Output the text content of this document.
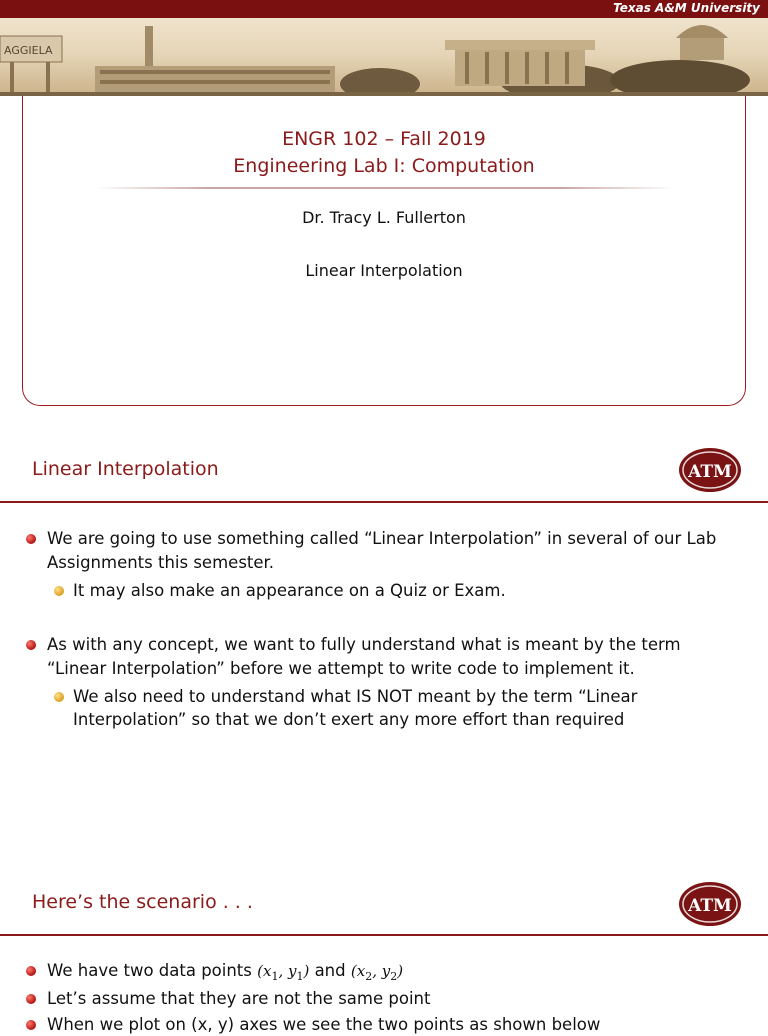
Texas A&M University
AGGIELA
ENGR 102 – Fall 2019
Engineering Lab I: Computation
Dr. Tracy L. Fullerton
Linear Interpolation
Linear Interpolation	ATM
We are going to use something called “Linear Interpolation” in several of our Lab
Assignments this semester.
It may also make an appearance on a Quiz or Exam.
As with any concept, we want to fully understand what is meant by the term
“Linear Interpolation” before we attempt to write code to implement it.
We also need to understand what IS NOT meant by the term “Linear
Interpolation” so that we don’t exert any more effort than required
Here’s the scenario . . .	ATM
We have two data points ($x_1$, $y_1$) and ($x_2$, $y_2$)
Let’s assume that they are not the same point
When we plot on (x, y) axes we see the two points as shown below
